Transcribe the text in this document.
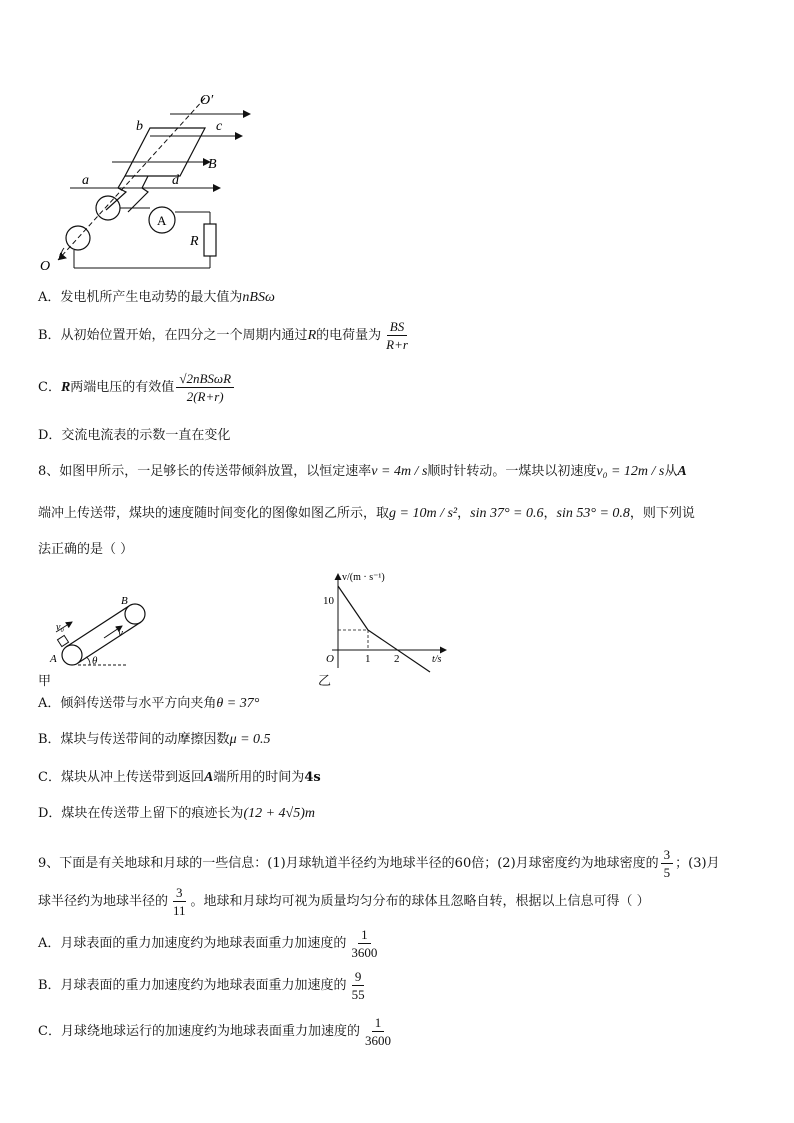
O′
b	c
B
a	d
A
R
O
A．发电机所产生电动势的最大值为nBSω
B．从初始位置开始，在四分之一个周期内通过R的电荷量为 $\frac{BS}{R+r}$
C．R两端电压的有效值 $\frac{\text{√2nBSωR}}{2(R+r)}$
D．交流电流表的示数一直在变化
8、如图甲所示，一足够长的传送带倾斜放置，以恒定速率v = 4m / s顺时针转动。一煤块以初速度v₀ = 12m / s从A
端冲上传送带，煤块的速度随时间变化的图像如图乙所示，取g = 10m / s²，sin 37° = 0.6，sin 53° = 0.8，则下列说
法正确的是（ ）
B
v
v₀
A	θ
甲
v/(m · s⁻¹)
10
O	1 2	t/s
乙
A．倾斜传送带与水平方向夹角θ = 37°
B．煤块与传送带间的动摩擦因数μ = 0.5
C．煤块从冲上传送带到返回A端所用的时间为4s
D．煤块在传送带上留下的痕迹长为(12 + 4√5)m
9、下面是有关地球和月球的一些信息：(1)月球轨道半径约为地球半径的60倍；(2)月球密度约为地球密度的 $\frac{3}{5}$ ；(3)月
球半径约为地球半径的 $\frac{3}{11}$ 。地球和月球均可视为质量均匀分布的球体且忽略自转，根据以上信息可得（ ）
A．月球表面的重力加速度约为地球表面重力加速度的 $\frac{1}{3600}$
B．月球表面的重力加速度约为地球表面重力加速度的 $\frac{9}{55}$
C．月球绕地球运行的加速度约为地球表面重力加速度的 $\frac{1}{3600}$
